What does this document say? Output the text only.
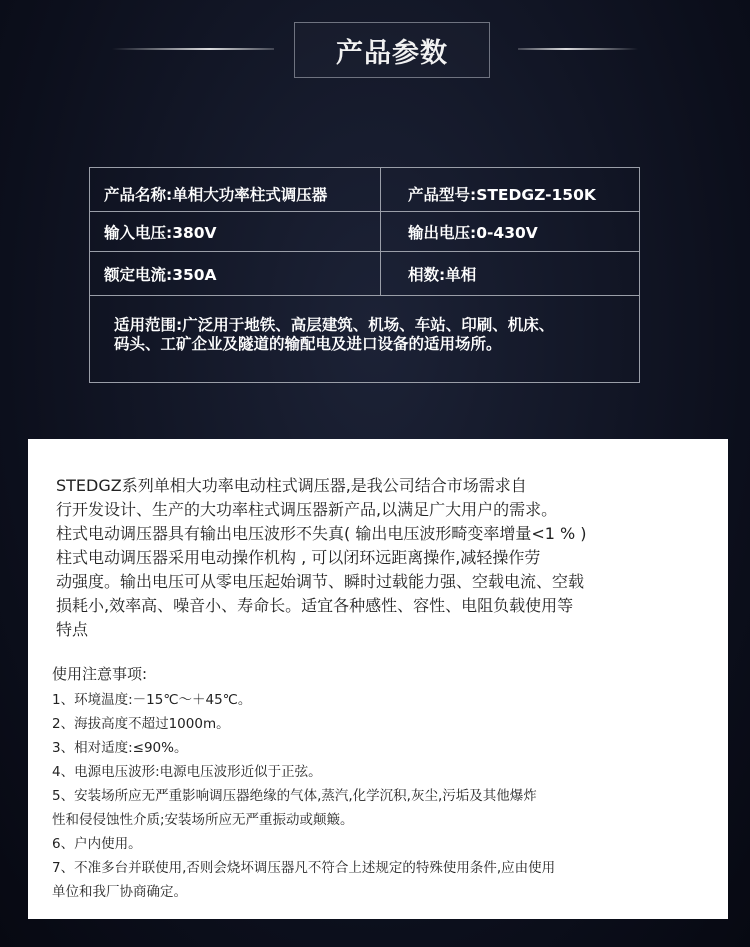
产品参数
产品名称:单相大功率柱式调压器	产品型号:STEDGZ-150K
输入电压:380V	输出电压:0-430V
额定电流:350A	相数:单相
适用范围:广泛用于地铁、高层建筑、机场、车站、印刷、机床、
码头、工矿企业及隧道的输配电及进口设备的适用场所。
STEDGZ系列单相大功率电动柱式调压器,是我公司结合市场需求自
行开发设计、生产的大功率柱式调压器新产品,以满足广大用户的需求。
柱式电动调压器具有输出电压波形不失真( 输出电压波形畸变率增量<1 % )
柱式电动调压器采用电动操作机构 , 可以闭环远距离操作,减轻操作劳
动强度。输出电压可从零电压起始调节、瞬时过载能力强、空载电流、空载
损耗小,效率高、噪音小、寿命长。适宜各种感性、容性、电阻负载使用等
特点
使用注意事项:
1、环境温度:－15℃～＋45℃。
2、海拔高度不超过1000m。
3、相对适度:≤90%。
4、电源电压波形:电源电压波形近似于正弦。
5、安装场所应无严重影响调压器绝缘的气体,蒸汽,化学沉积,灰尘,污垢及其他爆炸
性和侵侵蚀性介质;安装场所应无严重振动或颠簸。
6、户内使用。
7、不准多台并联使用,否则会烧坏调压器凡不符合上述规定的特殊使用条件,应由使用
单位和我厂协商确定。
